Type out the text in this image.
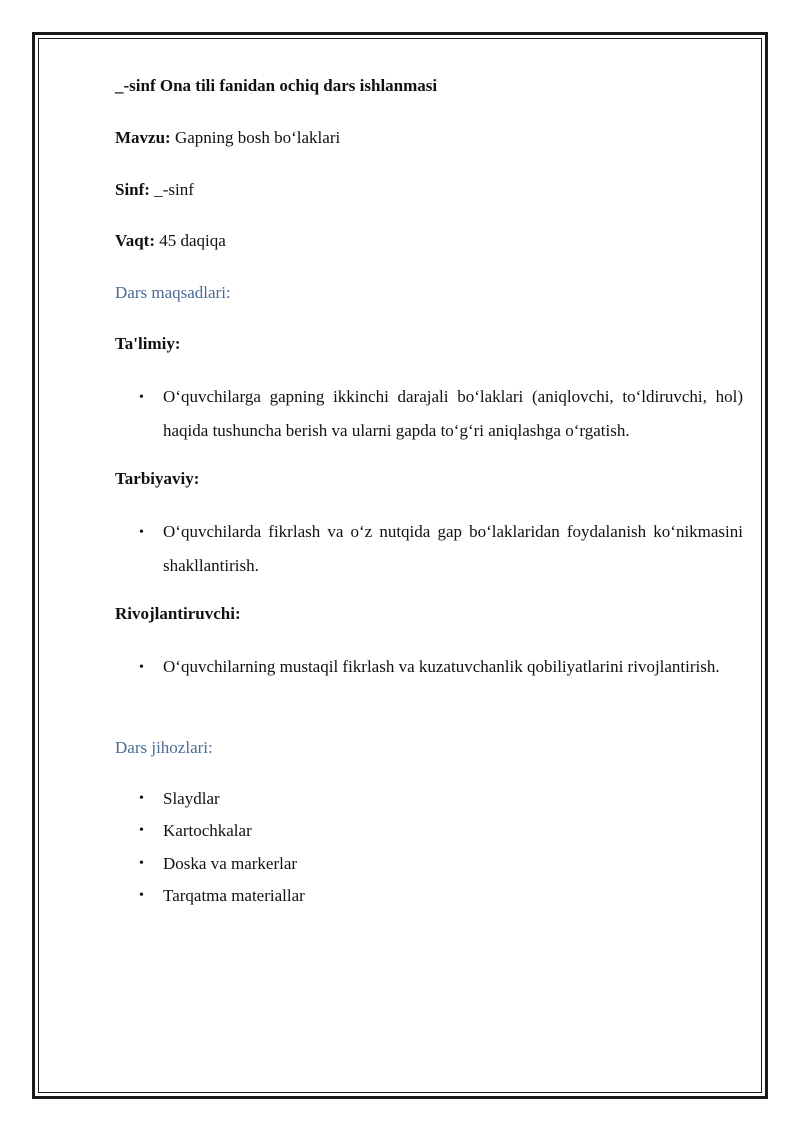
_-sinf Ona tili fanidan ochiq dars ishlanmasi
Mavzu: Gapning bosh bo‘laklari
Sinf: _-sinf
Vaqt: 45 daqiqa
Dars maqsadlari:
Ta'limiy:
• O‘quvchilarga gapning ikkinchi darajali bo‘laklari (aniqlovchi, to‘ldiruvchi, hol) haqida tushuncha berish va ularni gapda to‘g‘ri aniqlashga o‘rgatish.
Tarbiyaviy:
• O‘quvchilarda fikrlash va o‘z nutqida gap bo‘laklaridan foydalanish ko‘nikmasini shakllantirish.
Rivojlantiruvchi:
• O‘quvchilarning mustaqil fikrlash va kuzatuvchanlik qobiliyatlarini rivojlantirish.
Dars jihozlari:
• Slaydlar
• Kartochkalar
• Doska va markerlar
• Tarqatma materiallar
